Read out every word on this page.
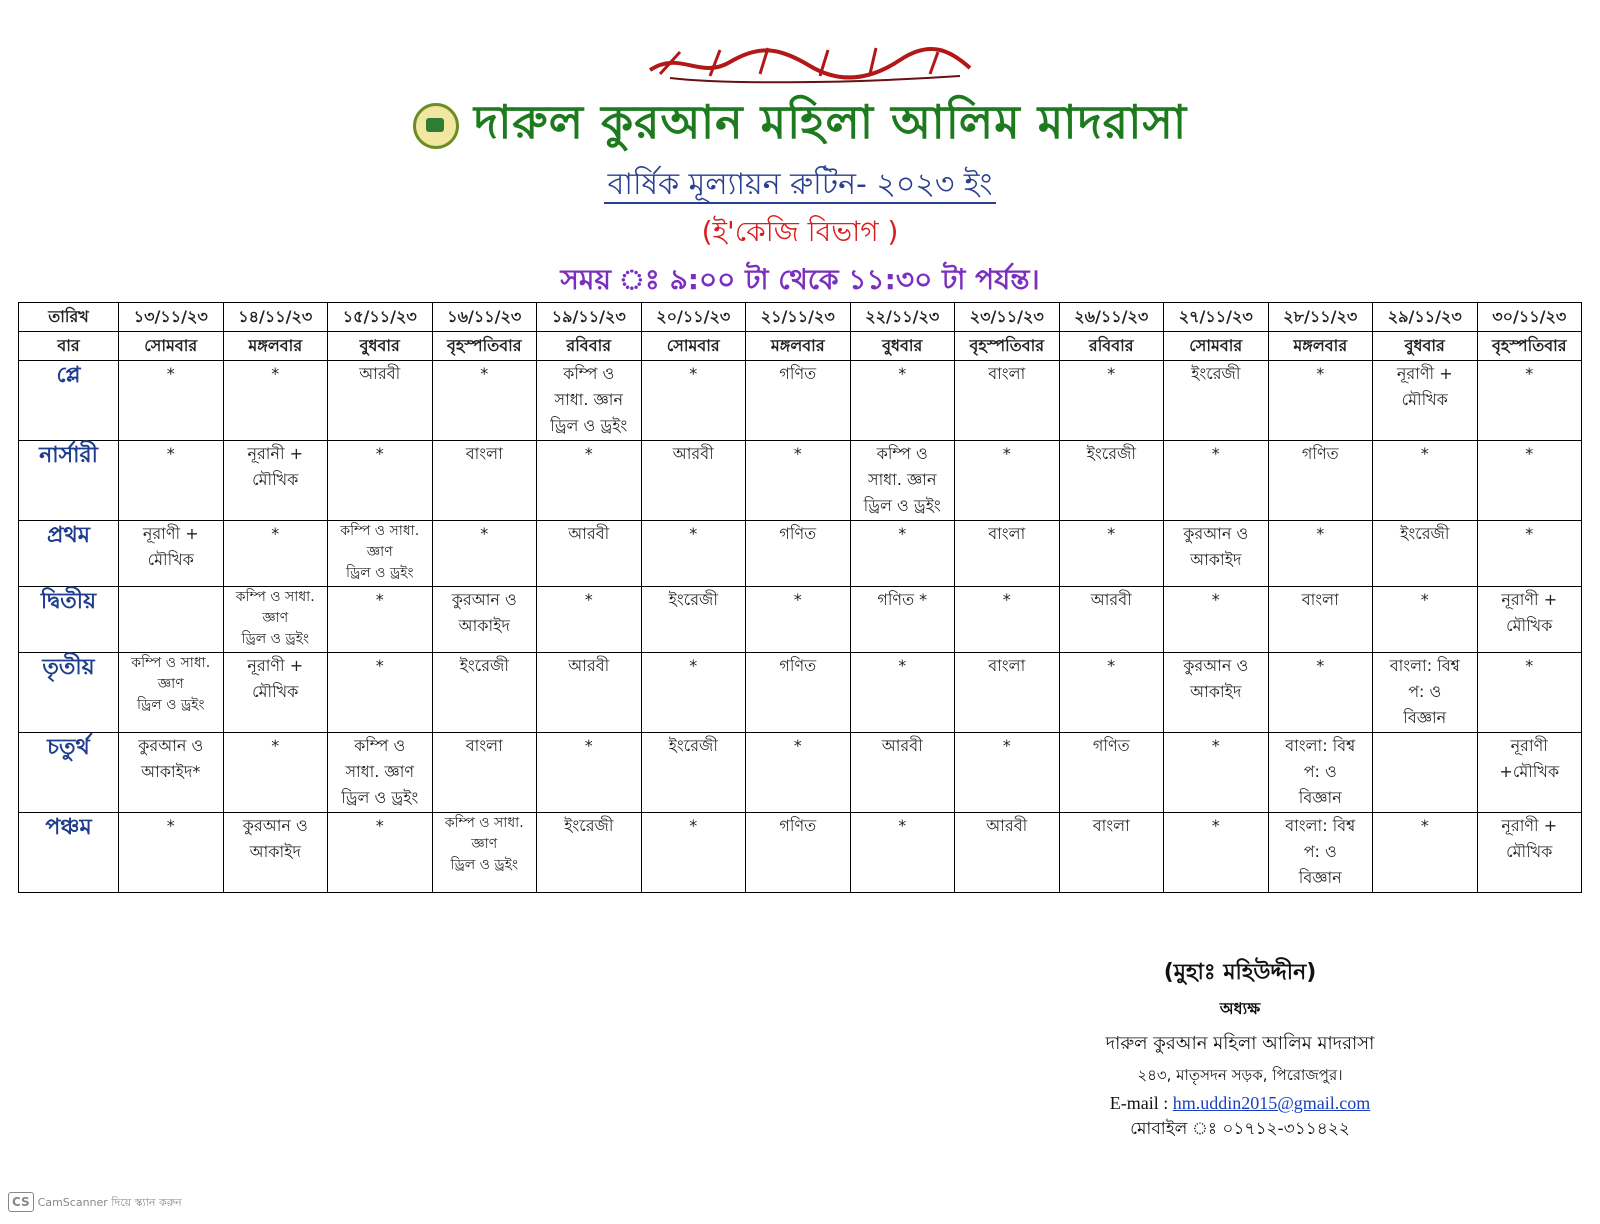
দারুল কুরআন মহিলা আলিম মাদরাসা
বার্ষিক মূল্যায়ন রুটিন- ২০২৩ ইং
(ই'কেজি বিভাগ )
সময় ঃ ৯:০০ টা থেকে ১১:৩০ টা পর্যন্ত।
তারিখ	১৩/১১/২৩	১৪/১১/২৩	১৫/১১/২৩	১৬/১১/২৩	১৯/১১/২৩	২০/১১/২৩	২১/১১/২৩	২২/১১/২৩	২৩/১১/২৩	২৬/১১/২৩	২৭/১১/২৩	২৮/১১/২৩	২৯/১১/২৩	৩০/১১/২৩

বার	সোমবার	মঙ্গলবার	বুধবার	বৃহস্পতিবার	রবিবার	সোমবার	মঙ্গলবার	বুধবার	বৃহস্পতিবার	রবিবার	সোমবার	মঙ্গলবার	বুধবার	বৃহস্পতিবার

প্লে	*	*	আরবী	*	কম্পি ও
সাধা. জ্ঞান
ড্রিল ও ড্রইং	*	গণিত	*	বাংলা	*	ইংরেজী	*	নূরাণী +
মৌখিক	*

নার্সারী	*	নূরানী +
মৌখিক	*	বাংলা	*	আরবী	*	কম্পি ও
সাধা. জ্ঞান
ড্রিল ও ড্রইং	*	ইংরেজী	*	গণিত	*	*

প্রথম	নূরাণী +
মৌখিক	*	কম্পি ও সাধা.
জ্ঞাণ
ড্রিল ও ড্রইং	*	আরবী	*	গণিত	*	বাংলা	*	কুরআন ও
আকাইদ	*	ইংরেজী	*

দ্বিতীয়		কম্পি ও সাধা.
জ্ঞাণ
ড্রিল ও ড্রইং	*	কুরআন ও
আকাইদ	*	ইংরেজী	*	গণিত *	*	আরবী	*	বাংলা	*	নূরাণী +
মৌখিক

তৃতীয়	কম্পি ও সাধা.
জ্ঞাণ
ড্রিল ও ড্রইং	নূরাণী +
মৌখিক	*	ইংরেজী	আরবী	*	গণিত	*	বাংলা	*	কুরআন ও
আকাইদ	*	বাংলা: বিশ্ব
প: ও
বিজ্ঞান	*

চতুর্থ	কুরআন ও
আকাইদ*	*	কম্পি ও
সাধা. জ্ঞাণ
ড্রিল ও ড্রইং	বাংলা	*	ইংরেজী	*	আরবী	*	গণিত	*	বাংলা: বিশ্ব
প: ও
বিজ্ঞান		নূরাণী
+মৌখিক

পঞ্চম	*	কুরআন ও
আকাইদ	*	কম্পি ও সাধা.
জ্ঞাণ
ড্রিল ও ড্রইং	ইংরেজী	*	গণিত	*	আরবী	বাংলা	*	বাংলা: বিশ্ব
প: ও
বিজ্ঞান	*	নূরাণী +
মৌখিক
(মুহাঃ মহিউদ্দীন)
অধ্যক্ষ
দারুল কুরআন মহিলা আলিম মাদরাসা
২৪৩, মাতৃসদন সড়ক, পিরোজপুর।
E-mail : hm.uddin2015@gmail.com
মোবাইল ঃ ০১৭১২-৩১১৪২২
CS CamScanner দিয়ে স্ক্যান করুন
